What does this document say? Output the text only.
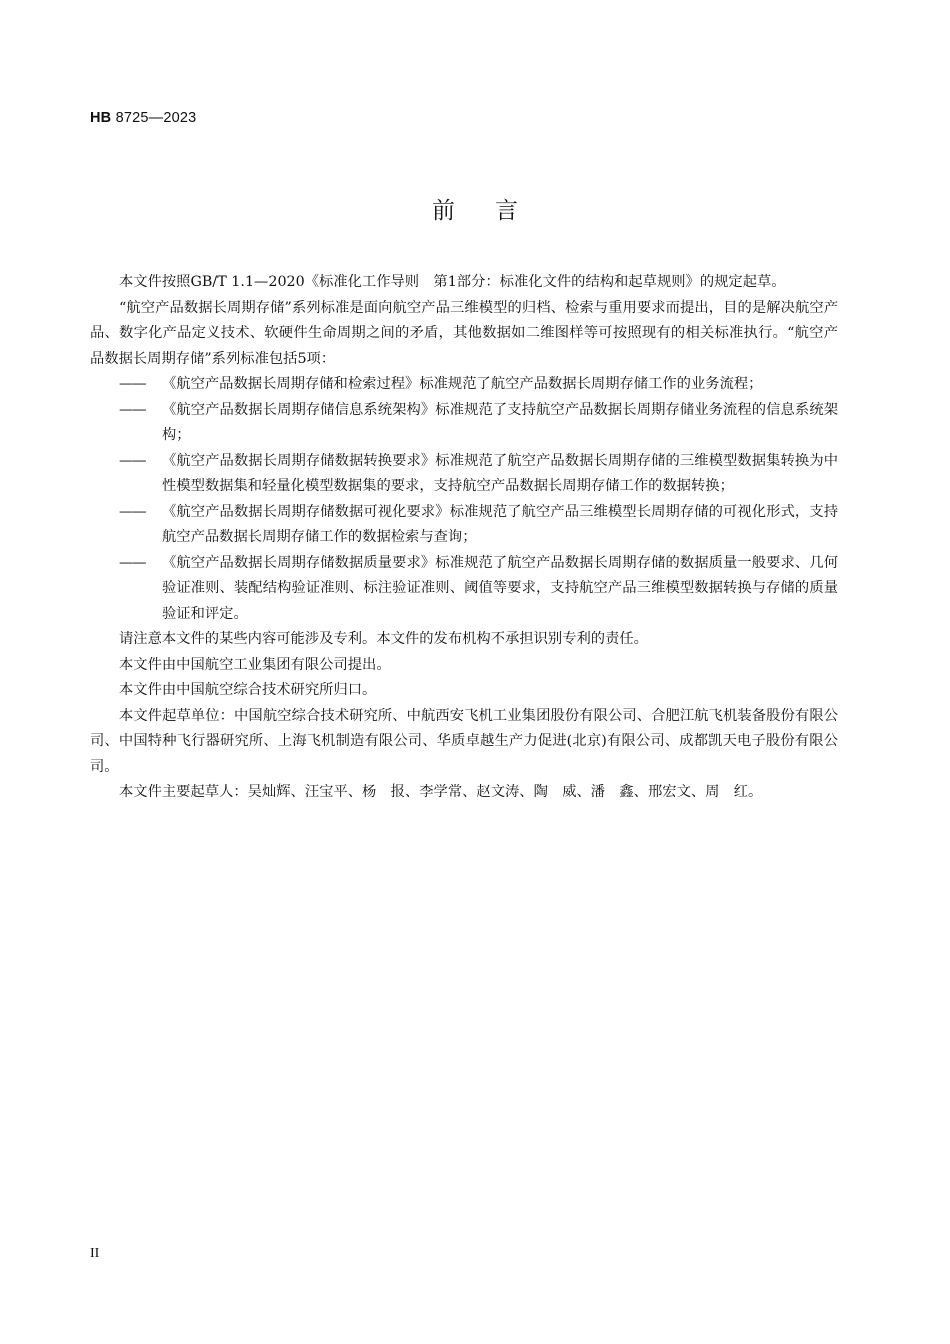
HB 8725—2023
前言

本文件按照GB/T 1.1—2020《标准化工作导则　第1部分：标准化文件的结构和起草规则》的规定起草。

“航空产品数据长周期存储”系列标准是面向航空产品三维模型的归档、检索与重用要求而提出，目的是解决航空产品、数字化产品定义技术、软硬件生命周期之间的矛盾，其他数据如二维图样等可按照现有的相关标准执行。“航空产品数据长周期存储”系列标准包括5项：

——	《航空产品数据长周期存储和检索过程》标准规范了航空产品数据长周期存储工作的业务流程；

——	《航空产品数据长周期存储信息系统架构》标准规范了支持航空产品数据长周期存储业务流程的信息系统架构；

——	《航空产品数据长周期存储数据转换要求》标准规范了航空产品数据长周期存储的三维模型数据集转换为中性模型数据集和轻量化模型数据集的要求，支持航空产品数据长周期存储工作的数据转换；

——	《航空产品数据长周期存储数据可视化要求》标准规范了航空产品三维模型长周期存储的可视化形式，支持航空产品数据长周期存储工作的数据检索与查询；

——	《航空产品数据长周期存储数据质量要求》标准规范了航空产品数据长周期存储的数据质量一般要求、几何验证准则、装配结构验证准则、标注验证准则、阈值等要求，支持航空产品三维模型数据转换与存储的质量验证和评定。

请注意本文件的某些内容可能涉及专利。本文件的发布机构不承担识别专利的责任。

本文件由中国航空工业集团有限公司提出。

本文件由中国航空综合技术研究所归口。

本文件起草单位：中国航空综合技术研究所、中航西安飞机工业集团股份有限公司、合肥江航飞机装备股份有限公司、中国特种飞行器研究所、上海飞机制造有限公司、华质卓越生产力促进(北京)有限公司、成都凯天电子股份有限公司。

本文件主要起草人：吴灿辉、汪宝平、杨　报、李学常、赵文涛、陶　威、潘　鑫、邢宏文、周　红。

II
